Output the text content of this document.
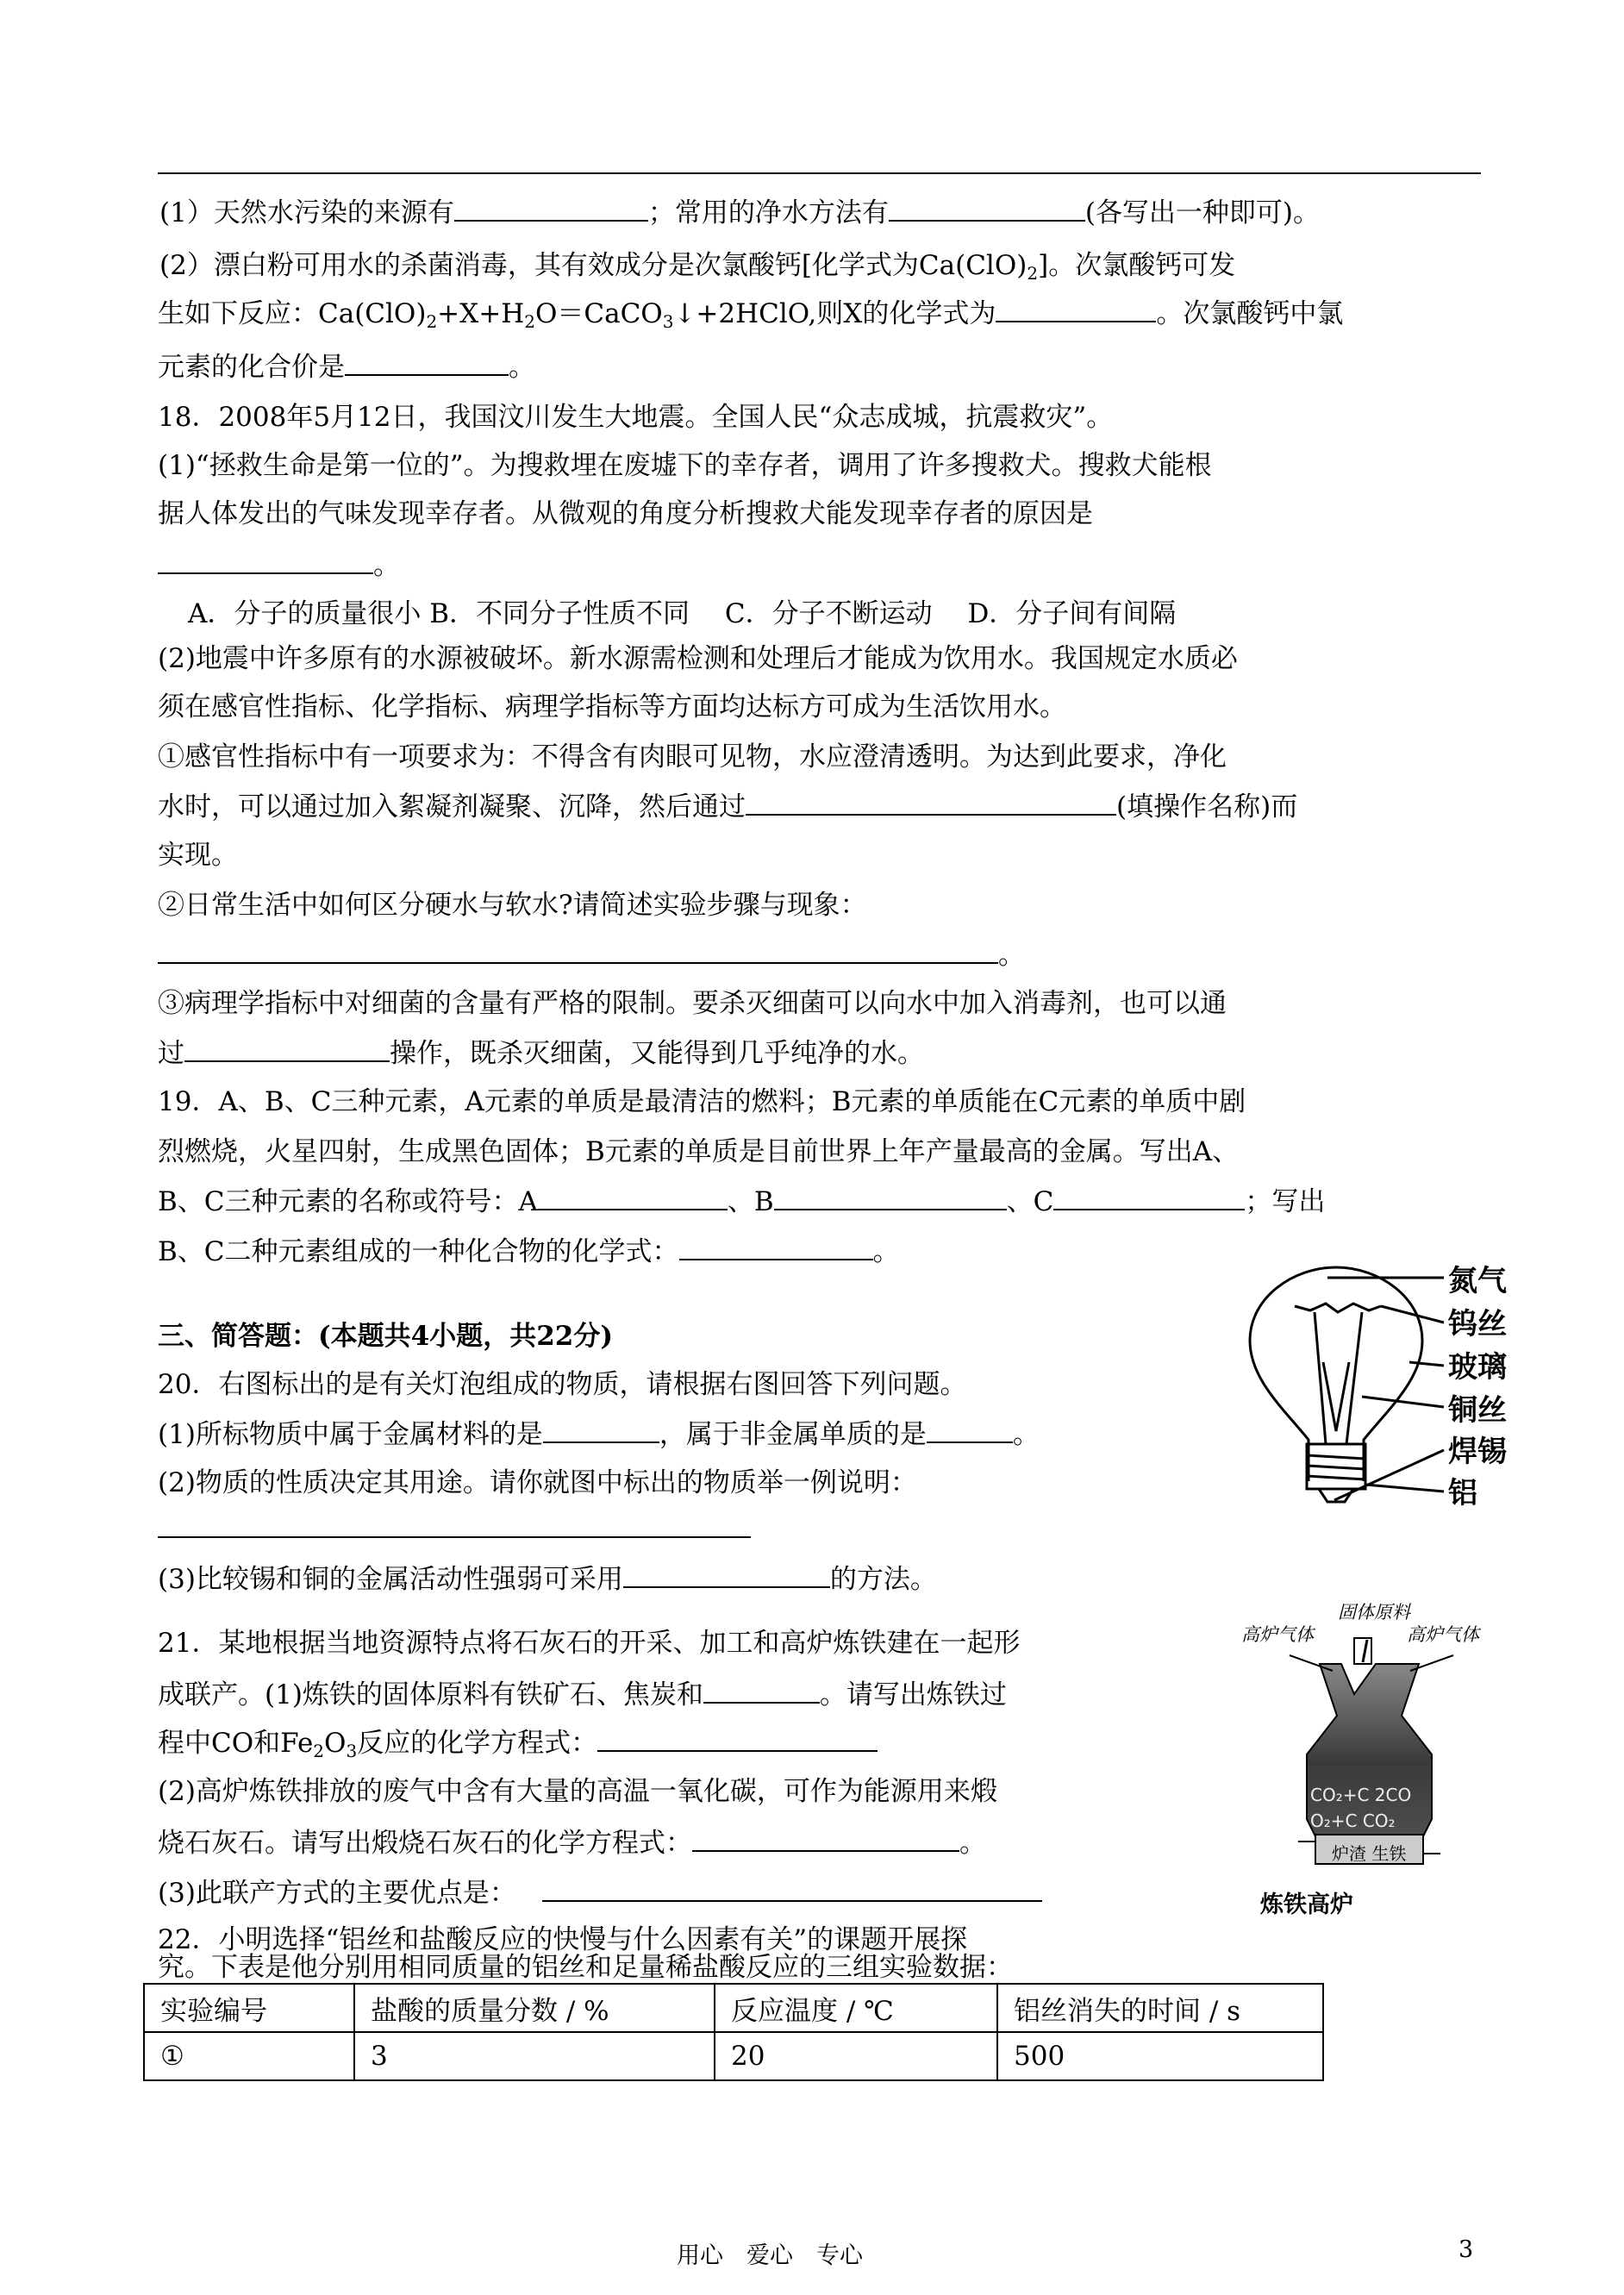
(1）天然水污染的来源有	；常用的净水方法有	(各写出一种即可)。
(2）漂白粉可用水的杀菌消毒，其有效成分是次氯酸钙[化学式为$Ca(ClO)_2$]。次氯酸钙可发
生如下反应：$Ca(ClO)_2+X+H_2O=CaCO_3↓+2HClO$,则X的化学式为	。次氯酸钙中氯
元素的化合价是	。
18．2008年5月12日，我国汶川发生大地震。全国人民“众志成城，抗震救灾”。
(1)“拯救生命是第一位的”。为搜救埋在废墟下的幸存者，调用了许多搜救犬。搜救犬能根
据人体发出的气味发现幸存者。从微观的角度分析搜救犬能发现幸存者的原因是
。
A．分子的质量很小 B．不同分子性质不同　 C．分子不断运动　 D．分子间有间隔
(2)地震中许多原有的水源被破坏。新水源需检测和处理后才能成为饮用水。我国规定水质必
须在感官性指标、化学指标、病理学指标等方面均达标方可成为生活饮用水。
①感官性指标中有一项要求为：不得含有肉眼可见物，水应澄清透明。为达到此要求，净化
水时，可以通过加入絮凝剂凝聚、沉降，然后通过	(填操作名称)而
实现。
②日常生活中如何区分硬水与软水?请简述实验步骤与现象：
。
③病理学指标中对细菌的含量有严格的限制。要杀灭细菌可以向水中加入消毒剂，也可以通
过	操作，既杀灭细菌，又能得到几乎纯净的水。
19．A、B、C三种元素，A元素的单质是最清洁的燃料；B元素的单质能在C元素的单质中剧
烈燃烧，火星四射，生成黑色固体；B元素的单质是目前世界上年产量最高的金属。写出A、
B、C三种元素的名称或符号：A	、B	、C	；写出
B、C二种元素组成的一种化合物的化学式：	。
三、简答题：(本题共4小题，共22分)
20．右图标出的是有关灯泡组成的物质，请根据右图回答下列问题。
(1)所标物质中属于金属材料的是	，属于非金属单质的是	。
(2)物质的性质决定其用途。请你就图中标出的物质举一例说明：
(3)比较锡和铜的金属活动性强弱可采用	的方法。
氮气
钨丝
玻璃
铜丝
焊锡
铝
21．某地根据当地资源特点将石灰石的开采、加工和高炉炼铁建在一起形
成联产。(1)炼铁的固体原料有铁矿石、焦炭和	。请写出炼铁过
程中CO和$Fe_2O_3$反应的化学方程式：
(2)高炉炼铁排放的废气中含有大量的高温一氧化碳，可作为能源用来煅
烧石灰石。请写出煅烧石灰石的化学方程式：	。
(3)此联产方式的主要优点是：
固体原料
高炉气体	高炉气体
CO₂+C 2CO
O₂+C CO₂
炉渣 生铁
炼铁高炉
22．小明选择“铝丝和盐酸反应的快慢与什么因素有关”的课题开展探
究。下表是他分别用相同质量的铝丝和足量稀盐酸反应的三组实验数据：
实验编号	盐酸的质量分数 / %	反应温度 / ℃	铝丝消失的时间 / s
①	3	20	500
用心　爱心　专心	3
